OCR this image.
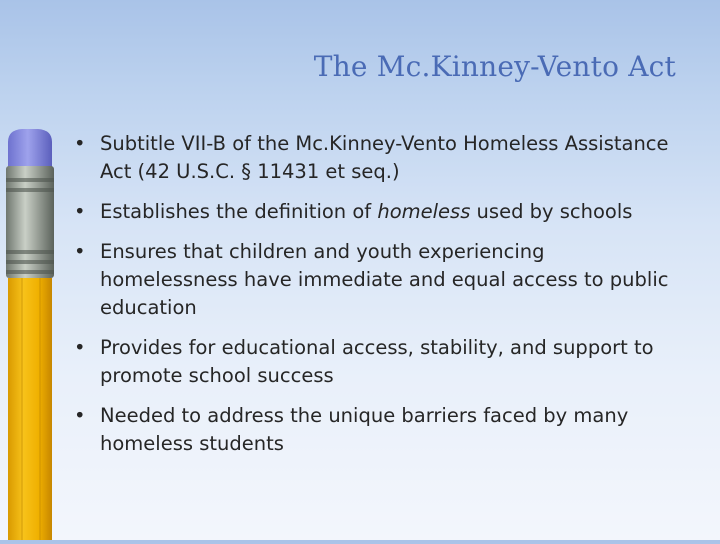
The Mc.Kinney-Vento Act
• Subtitle VII-B of the Mc.Kinney-Vento Homeless Assistance Act (42 U.S.C. § 11431 et seq.)
• Establishes the definition of homeless used by schools
• Ensures that children and youth experiencing homelessness have immediate and equal access to public education
• Provides for educational access, stability, and support to promote school success
• Needed to address the unique barriers faced by many homeless students
